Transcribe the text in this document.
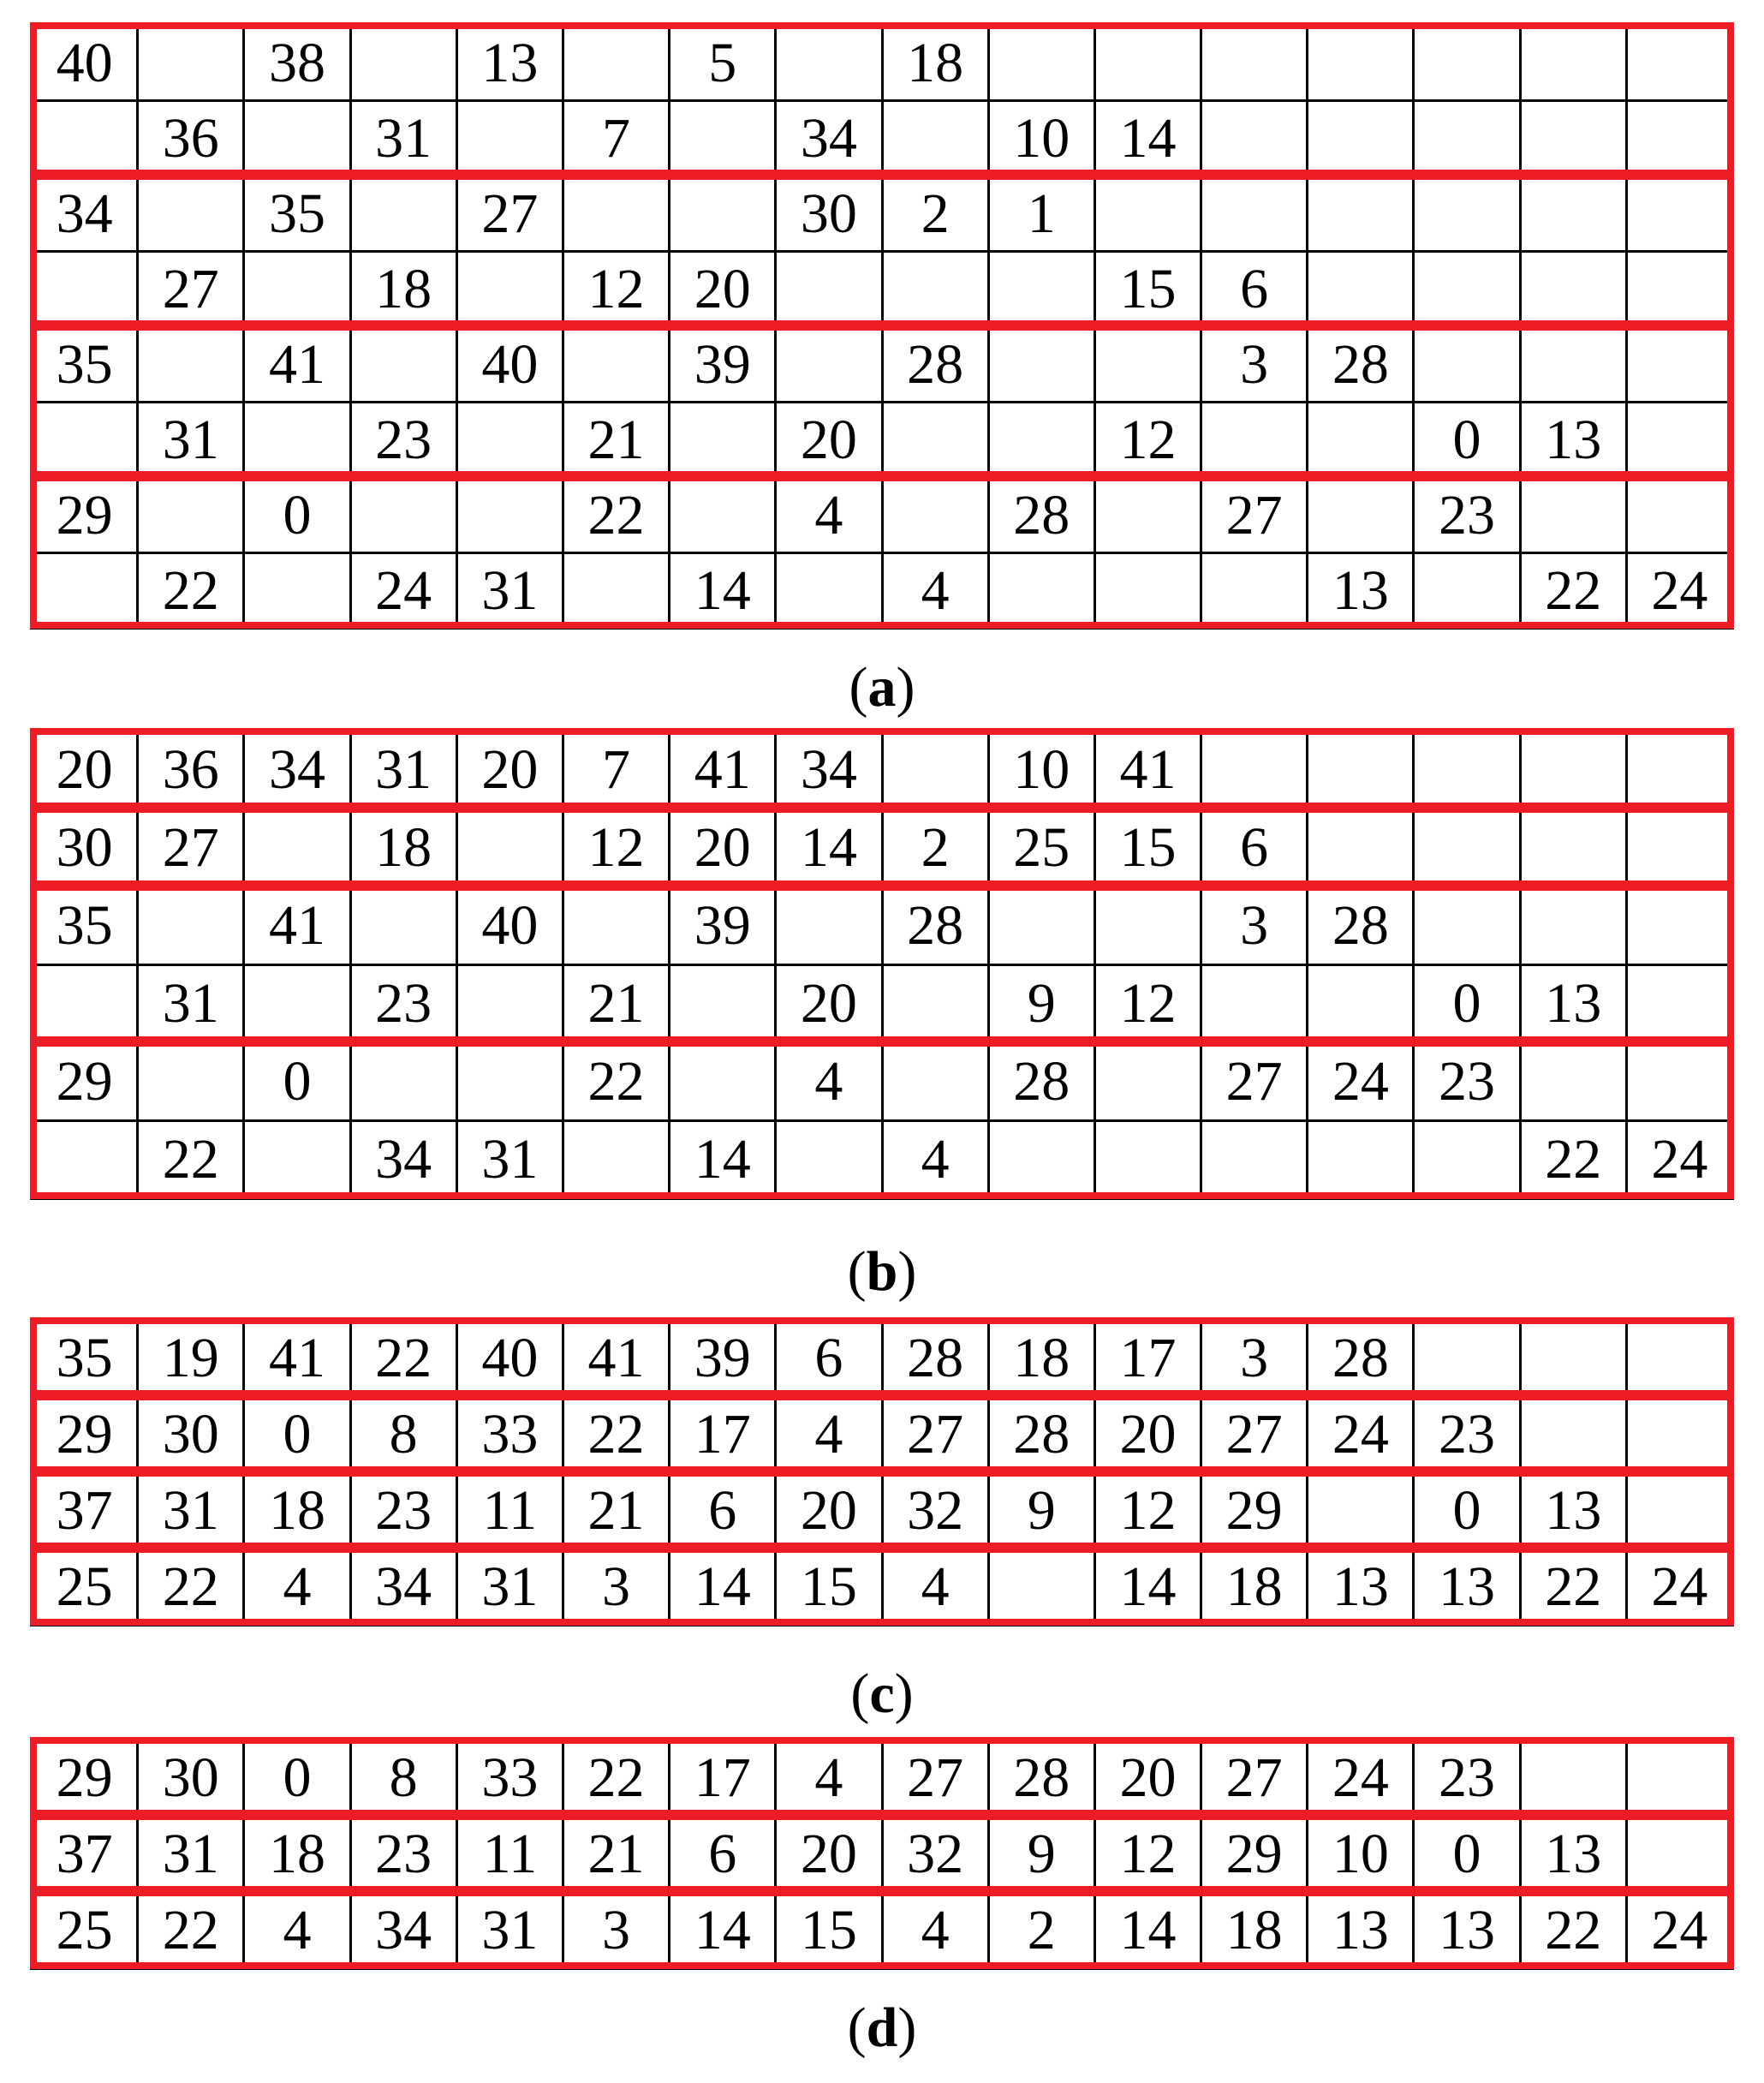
40		38		13		5		18							
	36		31		7		34		10	14					
34		35		27			30	2	1						
	27		18		12	20				15	6				
35		41		40		39		28			3	28			
	31		23		21		20			12			0	13	
29		0			22		4		28		27		23		
	22		24	31		14		4				13		22	24
(a)
20	36	34	31	20	7	41	34		10	41					
30	27		18		12	20	14	2	25	15	6				
35		41		40		39		28			3	28			
	31		23		21		20		9	12			0	13	
29		0			22		4		28		27	24	23		
	22		34	31		14		4						22	24
(b)
35	19	41	22	40	41	39	6	28	18	17	3	28			
29	30	0	8	33	22	17	4	27	28	20	27	24	23		
37	31	18	23	11	21	6	20	32	9	12	29		0	13	
25	22	4	34	31	3	14	15	4		14	18	13	13	22	24
(c)
29	30	0	8	33	22	17	4	27	28	20	27	24	23		
37	31	18	23	11	21	6	20	32	9	12	29	10	0	13	
25	22	4	34	31	3	14	15	4	2	14	18	13	13	22	24
(d)
